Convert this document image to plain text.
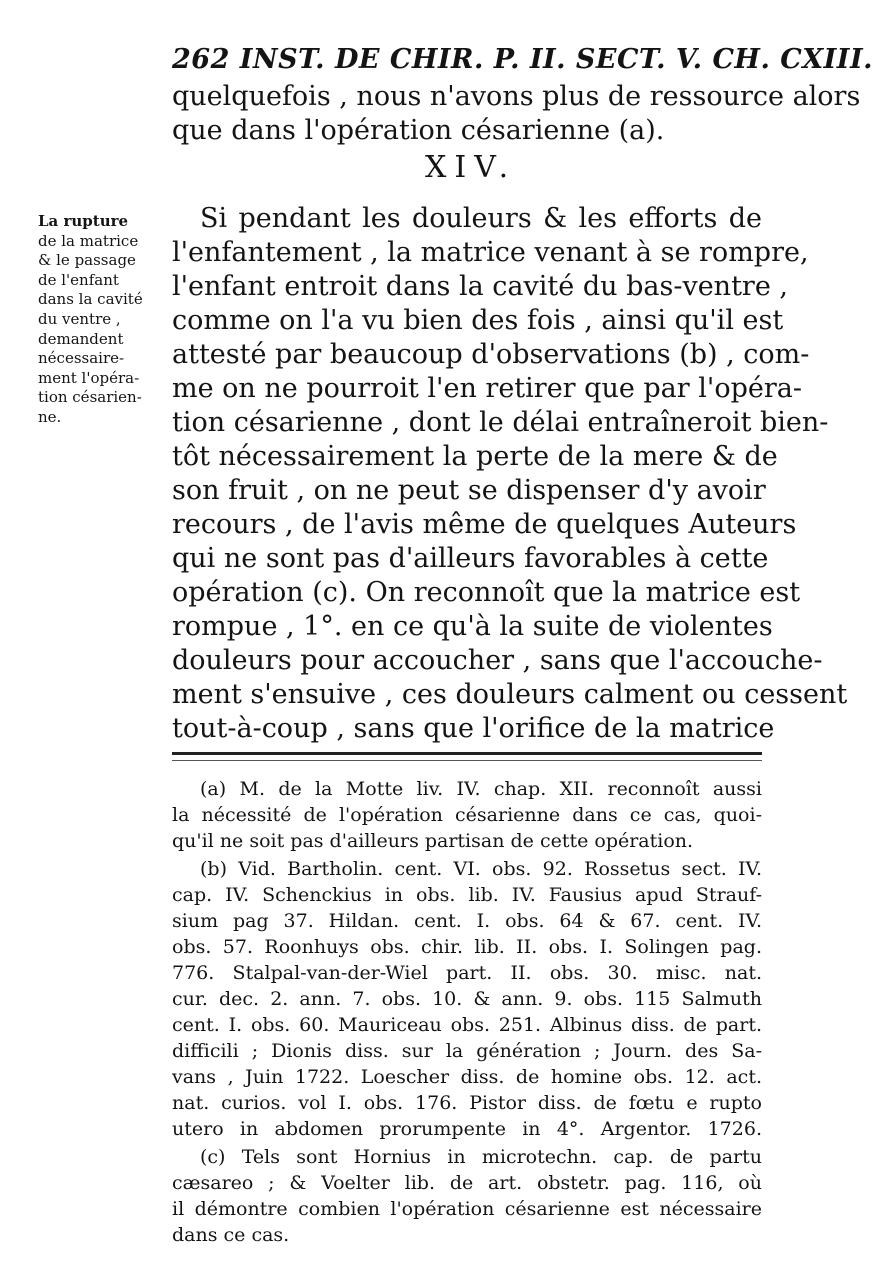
262 INST. DE CHIR. P. II. SECT. V. CH. CXIII.
quelquefois , nous n'avons plus de ressource alors
que dans l'opération césarienne (a).
XIV.
La rupture
de la matrice
& le passage
de l'enfant
dans la cavité
du ventre ,
demandent
nécessaire-
ment l'opéra-
tion césarien-
ne.
Si pendant les douleurs & les efforts de
l'enfantement , la matrice venant à se rompre,
l'enfant entroit dans la cavité du bas-ventre ,
comme on l'a vu bien des fois , ainsi qu'il est
attesté par beaucoup d'observations (b) , com-
me on ne pourroit l'en retirer que par l'opéra-
tion césarienne , dont le délai entraîneroit bien-
tôt nécessairement la perte de la mere & de
son fruit , on ne peut se dispenser d'y avoir
recours , de l'avis même de quelques Auteurs
qui ne sont pas d'ailleurs favorables à cette
opération (c). On reconnoît que la matrice est
rompue , 1°. en ce qu'à la suite de violentes
douleurs pour accoucher , sans que l'accouche-
ment s'ensuive , ces douleurs calment ou cessent
tout-à-coup , sans que l'orifice de la matrice
(a) M. de la Motte liv. IV. chap. XII. reconnoît aussi
la nécessité de l'opération césarienne dans ce cas, quoi-
qu'il ne soit pas d'ailleurs partisan de cette opération.
(b) Vid. Bartholin. cent. VI. obs. 92. Rossetus sect. IV.
cap. IV. Schenckius in obs. lib. IV. Fausius apud Strauf-
sium pag 37. Hildan. cent. I. obs. 64 & 67. cent. IV.
obs. 57. Roonhuys obs. chir. lib. II. obs. I. Solingen pag.
776. Stalpal-van-der-Wiel part. II. obs. 30. misc. nat.
cur. dec. 2. ann. 7. obs. 10. & ann. 9. obs. 115 Salmuth
cent. I. obs. 60. Mauriceau obs. 251. Albinus diss. de part.
difficili ; Dionis diss. sur la génération ; Journ. des Sa-
vans , Juin 1722. Loescher diss. de homine obs. 12. act.
nat. curios. vol I. obs. 176. Pistor diss. de fœtu e rupto
utero in abdomen prorumpente in 4°. Argentor. 1726.
(c) Tels sont Hornius in microtechn. cap. de partu
cæsareo ; & Voelter lib. de art. obstetr. pag. 116, où
il démontre combien l'opération césarienne est nécessaire
dans ce cas.
